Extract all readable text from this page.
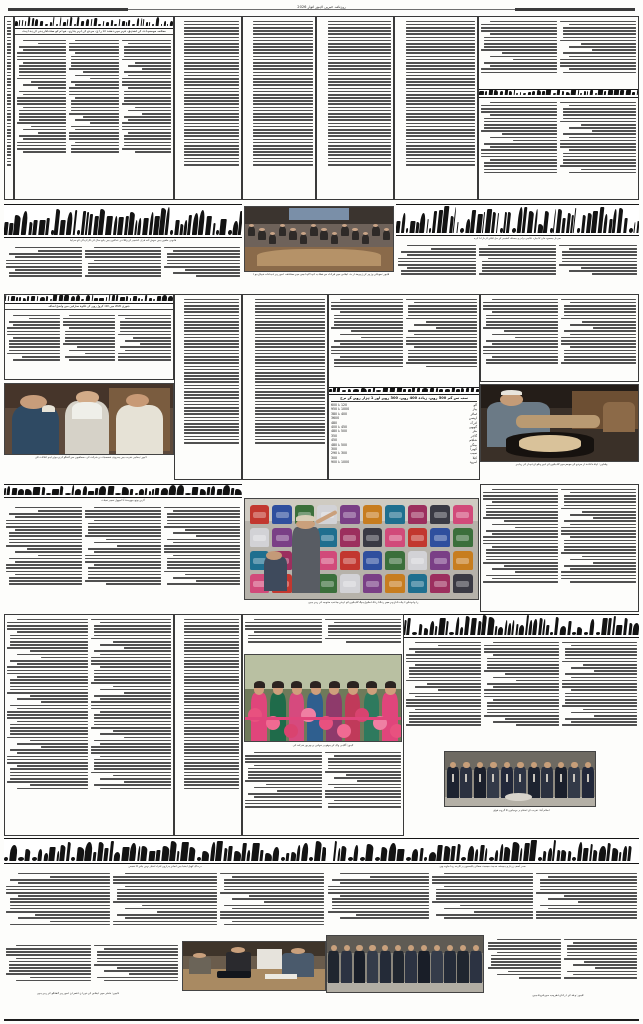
روزنامہ خبریں لاہور اتوار 2026
محکمہ موسمیات کی تصدیق، شہر میں دھند کا راج، سردی کی لہر جاری، عوام کو محتاط رہنے کی ہدایت
قانونی حلقوں میں خوش آئند قرار، کشمیر کے وکلاء نے عدالتوں میں پانچ سال کی کارکردگی کو سراہا
لاہور: صوبائی وزیر کی زیرصدارت اجلاس میں شرکاء سے خطاب کیا گیا جس میں مختلف امور پر تبادلہ خیال ہوا
سردار مسعود خان کا بیان، عالمی برادری مسئلہ کشمیر کے حل کیلئے کردار ادا کرے
جنوری 2026 میں 120 کروڑ روپے کے علاوہ صارفین میں واضح اضافہ
لاہور: مقامی تقریب میں معروف شخصیات نے شرکت کی، صحافیوں سے گفتگو کرتے ہوئے اہم اعلانات کئے
سب سے کم 500 روپے، زیادہ 400 روپے، 300 روپے اور 1 ہزار روپے کے نرخ
آلو
120 تا 600
پیاز
1000 تا 950
ٹماٹر
400 تا 380
لہسن
3600
ادرک
480
گوبھی
450 تا 400
مٹر
500 تا 480
گاجر
350
شلجم
450
بینگن
500 تا 480
کھیرا
300
سیب
300 تا 290
کیلا
300
امرود
1000 تا 900
پشاور: ایک دکاندار سردی کے موسم میں گاہکوں کے لیے پکوان تیار کر رہا ہے
گرین یوتھ موومنٹ آڈ اچھول تعمیر تعینات
راولپنڈی: ایک دکان پر سجے رنگا رنگ اسکول بیگ گاہکوں کو اپنی جانب متوجہ کر رہے ہیں
لاہور: آگاہی واک کے موقع پر خواتین نے بھرپور شرکت کی
اسلام آباد: تقریب کے اختتام پر مہمانوں کا گروپ فوٹو
دردناک کھیل ایشیا میں انجانے ہزاروں افراد اختیار نہیں ملنے کا تنقیص
لاہور: دفتر میں اجلاس کے دوران افسران امور پر گفتگو کر رہے ہیں
صدر آصف زرداری ہمیشہ خدمت جمعیت صفائی پالیسیوں پر کاربند رہا جاوید بھی
لاہور: وفد کے ارکان تقریب میں شریک ہیں
